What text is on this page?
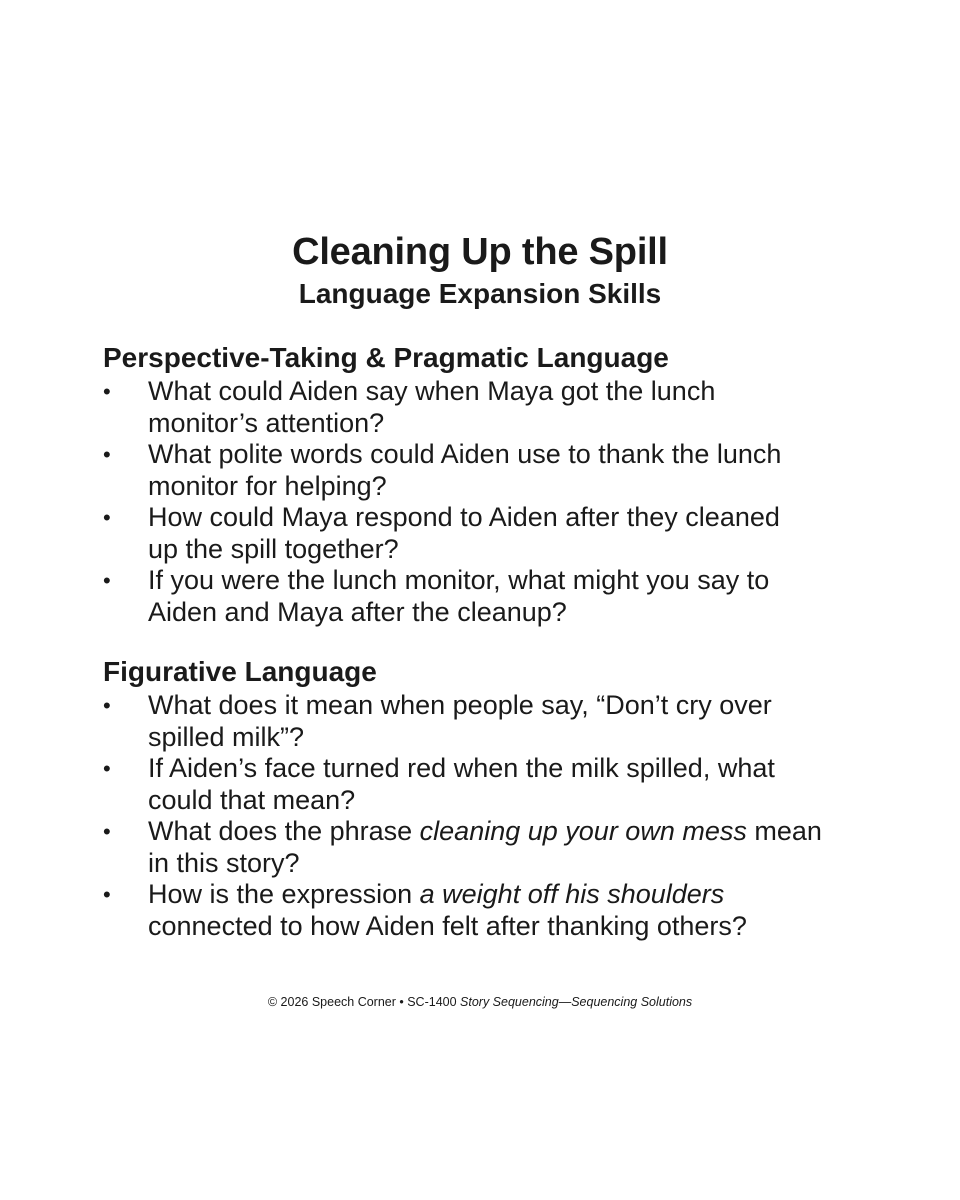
Cleaning Up the Spill
Language Expansion Skills
Perspective-Taking & Pragmatic Language
•	What could Aiden say when Maya got the lunch
monitor’s attention?
•	What polite words could Aiden use to thank the lunch
monitor for helping?
•	How could Maya respond to Aiden after they cleaned
up the spill together?
•	If you were the lunch monitor, what might you say to
Aiden and Maya after the cleanup?
Figurative Language
•	What does it mean when people say, “Don’t cry over
spilled milk”?
•	If Aiden’s face turned red when the milk spilled, what
could that mean?
•	What does the phrase cleaning up your own mess mean
in this story?
•	How is the expression a weight off his shoulders
connected to how Aiden felt after thanking others?
© 2026 Speech Corner • SC-1400 Story Sequencing—Sequencing Solutions
